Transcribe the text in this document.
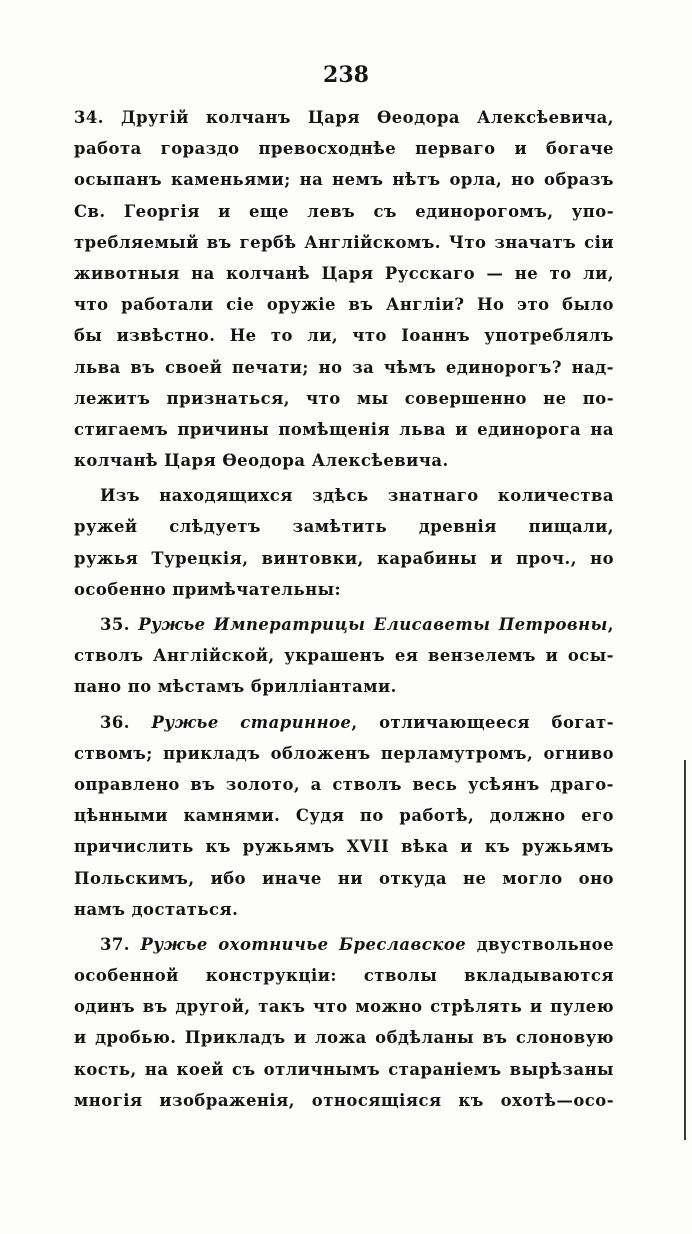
238
34. Другій колчанъ Царя Ѳеодора Алексѣевича,
работа гораздо превосходнѣе перваго и богаче
осыпанъ каменьями; на немъ нѣтъ орла, но образъ
Св. Георгія и еще левъ съ единорогомъ, упо-
требляемый въ гербѣ Англійскомъ. Что значатъ сіи
животныя на колчанѣ Царя Русскаго — не то ли,
что работали сіе оружіе въ Англіи? Но это было
бы извѣстно. Не то ли, что Іоаннъ употреблялъ
льва въ своей печати; но за чѣмъ единорогъ? над-
лежитъ признаться, что мы совершенно не по-
стигаемъ причины помѣщенія льва и единорога на
колчанѣ Царя Ѳеодора Алексѣевича.
Изъ находящихся здѣсь знатнаго количества
ружей слѣдуетъ замѣтить древнія пищали,
ружья Турецкія, винтовки, карабины и проч., но
особенно примѣчательны:
35. Ружье Императрицы Елисаветы Петровны,
стволъ Англійской, украшенъ ея вензелемъ и осы-
пано по мѣстамъ брилліантами.
36. Ружье старинное, отличающееся богат-
ствомъ; прикладъ обложенъ перламутромъ, огниво
оправлено въ золото, а стволъ весь усѣянъ драго-
цѣнными камнями. Судя по работѣ, должно его
причислить къ ружьямъ XVII вѣка и къ ружьямъ
Польскимъ, ибо иначе ни откуда не могло оно
намъ достаться.
37. Ружье охотничье Бреславское двуствольное
особенной конструкціи: стволы вкладываются
одинъ въ другой, такъ что можно стрѣлять и пулею
и дробью. Прикладъ и ложа обдѣланы въ слоновую
кость, на коей съ отличнымъ стараніемъ вырѣзаны
многія изображенія, относящіяся къ охотѣ—осо-
